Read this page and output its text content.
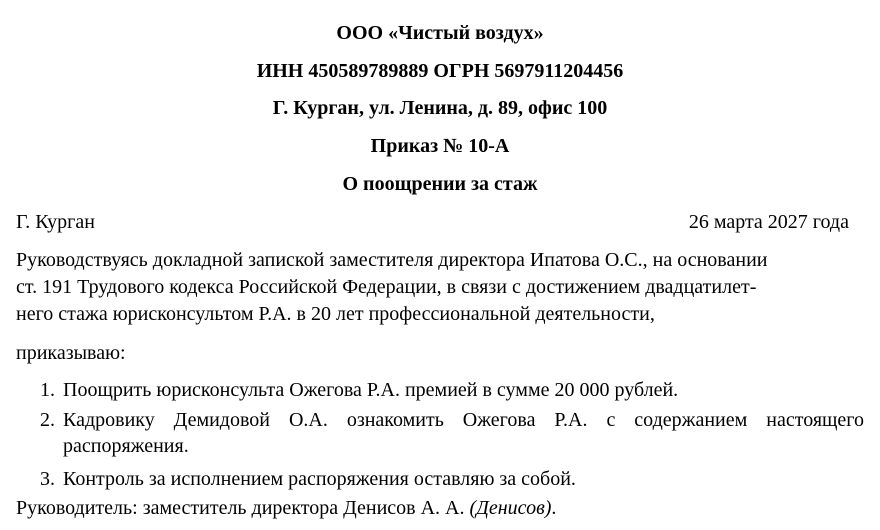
ООО «Чистый воздух»
ИНН 450589789889 ОГРН 5697911204456
Г. Курган, ул. Ленина, д. 89, офис 100
Приказ № 10-А
О поощрении за стаж
Г. Курган	26 марта 2027 года
Руководствуясь докладной запиской заместителя директора Ипатова О.С., на основании
ст. 191 Трудового кодекса Российской Федерации, в связи с достижением двадцатилет-
него стажа юрисконсультом Р.А. в 20 лет профессиональной деятельности,
приказываю:
1. Поощрить юрисконсульта Ожегова Р.А. премией в сумме 20 000 рублей.
2. Кадровику Демидовой О.А. ознакомить Ожегова Р.А. с содержанием настоящего
распоряжения.
3. Контроль за исполнением распоряжения оставляю за собой.
Руководитель: заместитель директора Денисов А. А. (Денисов).
